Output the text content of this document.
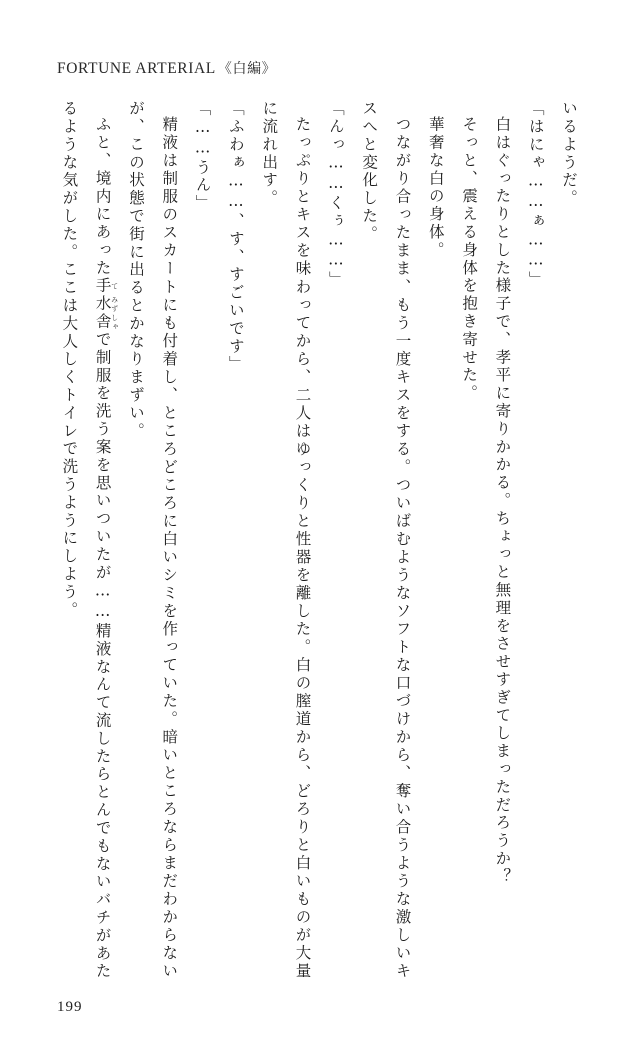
FORTUNE ARTERIAL 《白編》

いるようだ。

「はにゃ……ぁ……」

白はぐったりとした様子で、孝平に寄りかかる。ちょっと無理をさせすぎてしまっただろうか？

そっと、震える身体を抱き寄せた。

華奢な白の身体。

つながり合ったまま、もう一度キスをする。ついばむようなソフトな口づけから、奪い合うような激しいキスへと変化した。

「んっ……くぅ……」

たっぷりとキスを味わってから、二人はゆっくりと性器を離した。白の膣道から、どろりと白いものが大量に流れ出す。

「ふわぁ……、す、すごいです」

「……うん」

精液は制服のスカートにも付着し、ところどころに白いシミを作っていた。暗いところならまだわからないが、この状態で街に出るとかなりまずい。

ふと、境内にあった手 て水 みず舎 しゃで制服を洗う案を思いついたが……精液なんて流したらとんでもないバチがあたるような気がした。ここは大人しくトイレで洗うようにしよう。

199
